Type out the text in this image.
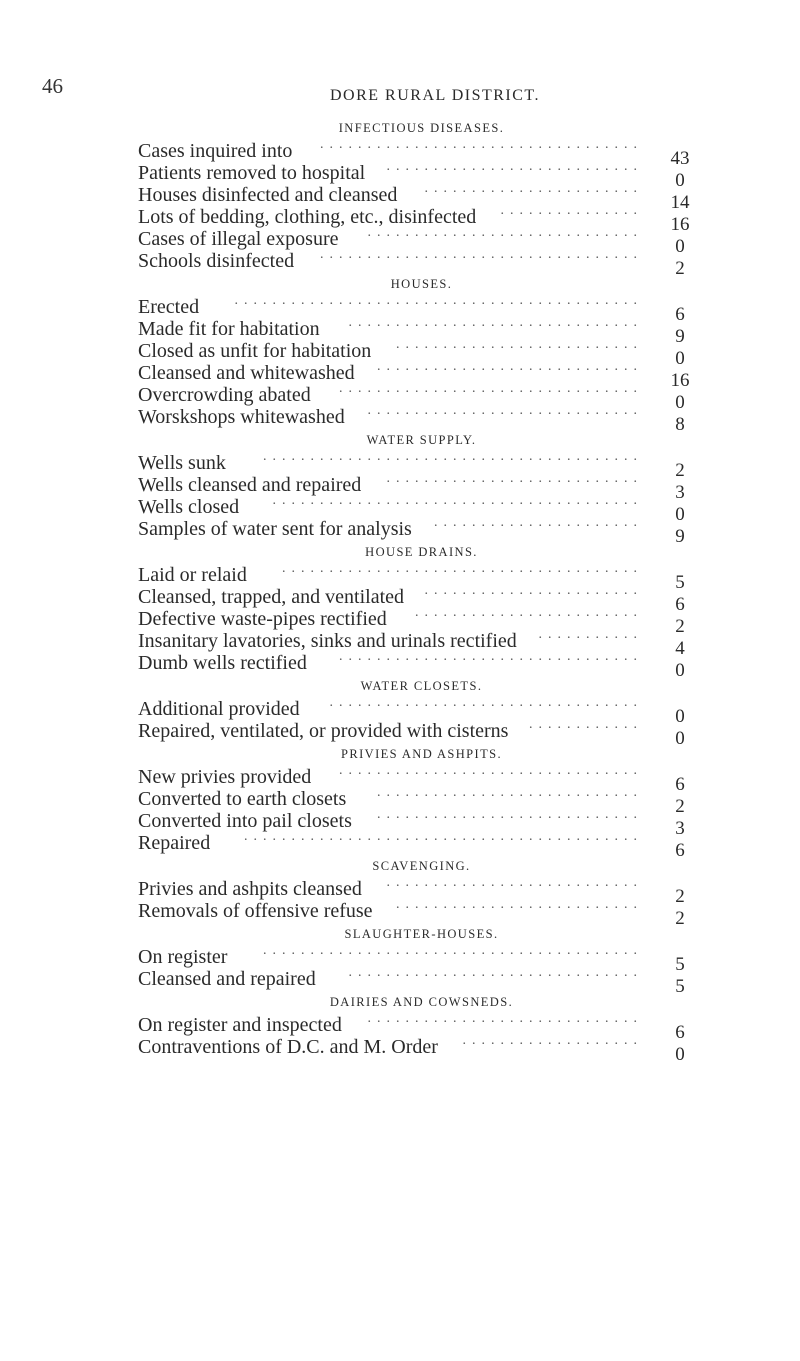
46	DORE RURAL DISTRICT.
INFECTIOUS DISEASES.
..................................
Cases inquired into	43
...........................
Patients removed to hospital	0
.......................
Houses disinfected and cleansed	14
...............
Lots of bedding, clothing, etc., disinfected	16
.............................
Cases of illegal exposure	0
..................................
Schools disinfected	2
HOUSES.
...........................................
Erected	6
...............................
Made fit for habitation	9
..........................
Closed as unfit for habitation	0
............................
Cleansed and whitewashed	16
................................
Overcrowding abated	0
.............................
Worskshops whitewashed	8
WATER SUPPLY.
........................................
Wells sunk	2
...........................
Wells cleansed and repaired	3
.......................................
Wells closed	0
......................
Samples of water sent for analysis	9
HOUSE DRAINS.
......................................
Laid or relaid	5
.......................
Cleansed, trapped, and ventilated	6
........................
Defective waste-pipes rectified	2
...........
Insanitary lavatories, sinks and urinals rectified	4
................................
Dumb wells rectified	0
WATER CLOSETS.
.................................
Additional provided	0
............
Repaired, ventilated, or provided with cisterns	0
PRIVIES AND ASHPITS.
................................
New privies provided	6
............................
Converted to earth closets	2
............................
Converted into pail closets	3
..........................................
Repaired	6
SCAVENGING.
...........................
Privies and ashpits cleansed	2
..........................
Removals of offensive refuse	2
SLAUGHTER-HOUSES.
........................................
On register	5
...............................
Cleansed and repaired	5
DAIRIES AND COWSNEDS.
.............................
On register and inspected	6
...................
Contraventions of D.C. and M. Order	0
